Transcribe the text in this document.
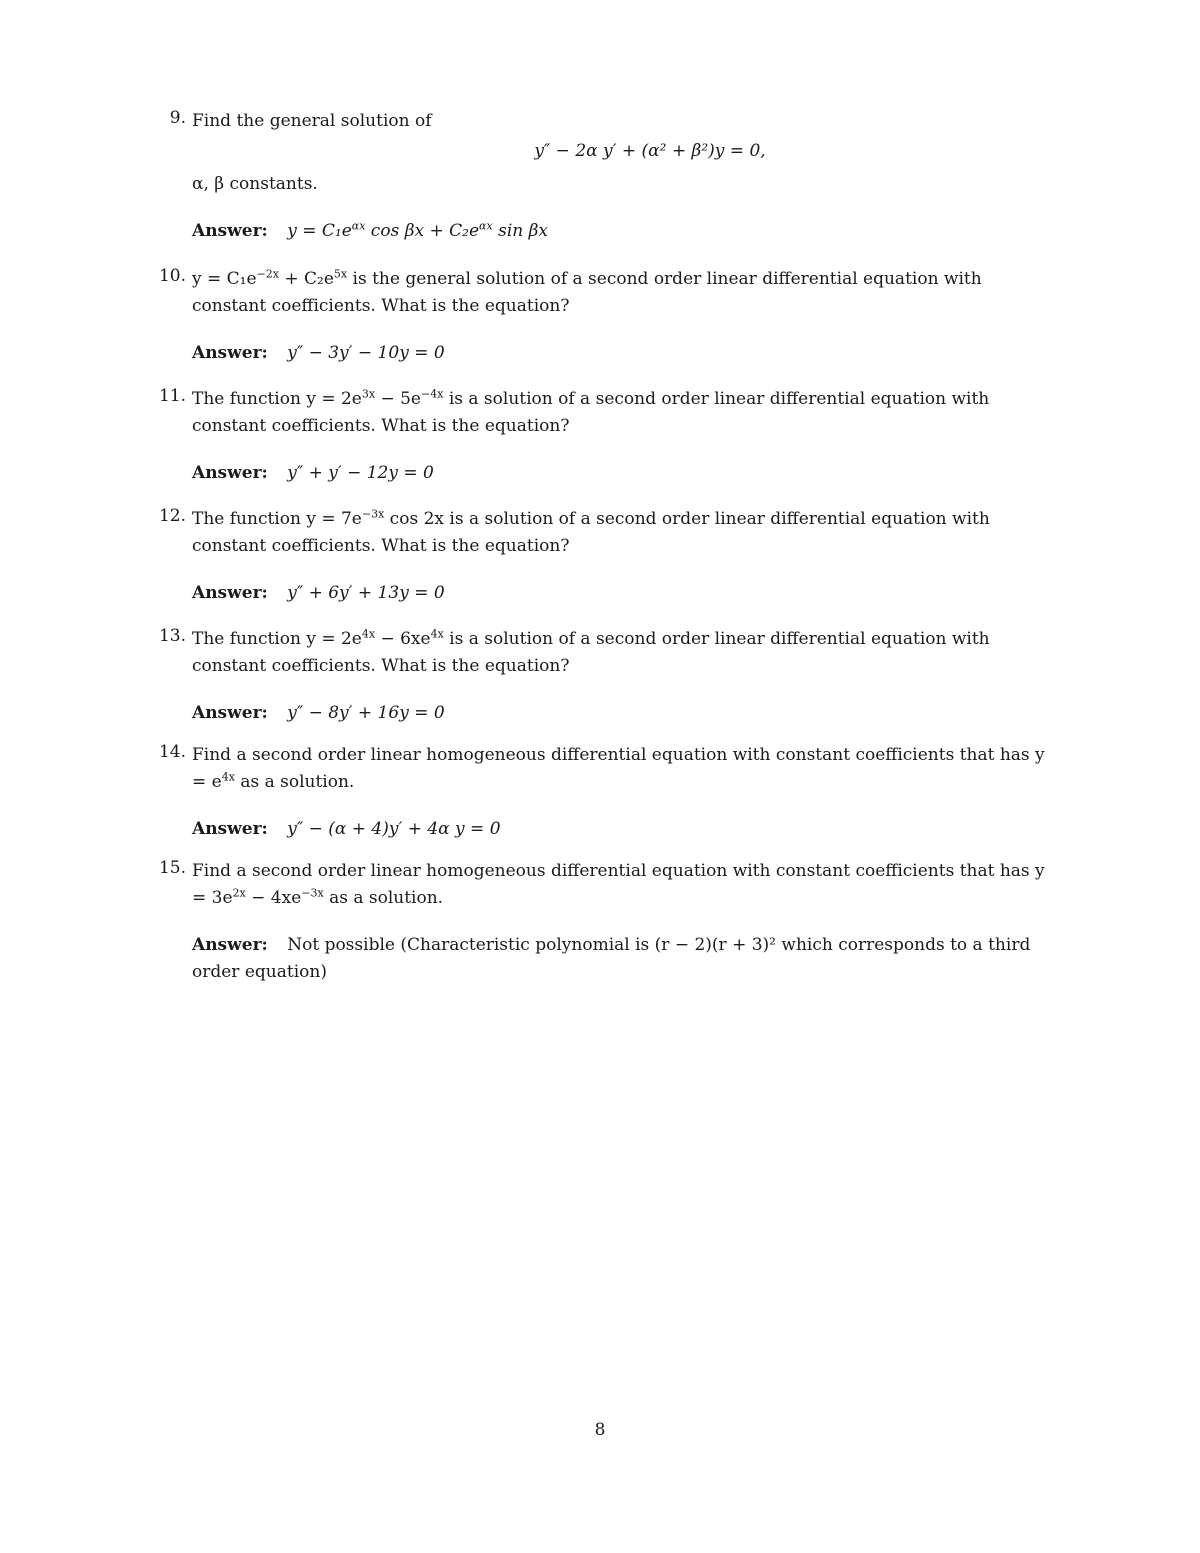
9. Find the general solution of
y″ − 2α y′ + (α² + β²)y = 0,
α, β constants.
Answer: $y = C_1e^{\alpha x}$ $\cos \beta x + C_2e^{\alpha x}$ sin βx
10. $y = C_1e^{-2x} + C_2e^{5x}$ is the general solution of a second order linear differential equation with constant coefficients. What is the equation?
Answer: y″ − 3y′ − 10y = 0
11. The function $y = 2e^{3x} - 5e^{-4x}$ is a solution of a second order linear differential equation with constant coefficients. What is the equation?
Answer: y″ + y′ − 12y = 0
12. The function $y = 7e^{-3x}$ cos 2x is a solution of a second order linear differential equation with constant coefficients. What is the equation?
Answer: y″ + 6y′ + 13y = 0
13. The function $y = 2e^{4x} - 6xe^{4x}$ is a solution of a second order linear differential equation with constant coefficients. What is the equation?
Answer: y″ − 8y′ + 16y = 0
14. Find a second order linear homogeneous differential equation with constant coefficients that has $y = e^{4x}$ as a solution.
Answer: y″ − (α + 4)y′ + 4α y = 0
15. Find a second order linear homogeneous differential equation with constant coefficients that has $y = 3e^{2x} - 4xe^{-3x}$ as a solution.
Answer: Not possible (Characteristic polynomial is (r − 2)(r + 3)² which corresponds to a third order equation)
8
